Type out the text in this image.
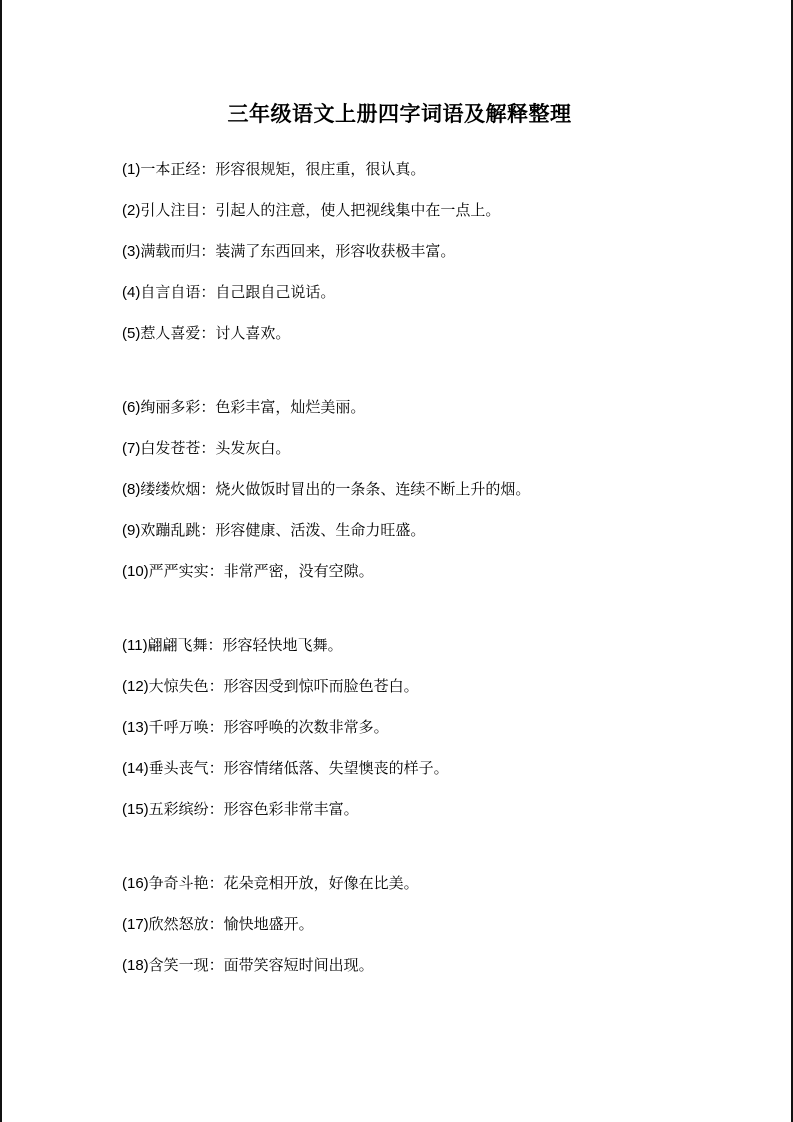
三年级语文上册四字词语及解释整理
(1)一本正经：形容很规矩，很庄重，很认真。
(2)引人注目：引起人的注意，使人把视线集中在一点上。
(3)满载而归：装满了东西回来，形容收获极丰富。
(4)自言自语：自己跟自己说话。
(5)惹人喜爱：讨人喜欢。
(6)绚丽多彩：色彩丰富，灿烂美丽。
(7)白发苍苍：头发灰白。
(8)缕缕炊烟：烧火做饭时冒出的一条条、连续不断上升的烟。
(9)欢蹦乱跳：形容健康、活泼、生命力旺盛。
(10)严严实实：非常严密，没有空隙。
(11)翩翩飞舞：形容轻快地飞舞。
(12)大惊失色：形容因受到惊吓而脸色苍白。
(13)千呼万唤：形容呼唤的次数非常多。
(14)垂头丧气：形容情绪低落、失望懊丧的样子。
(15)五彩缤纷：形容色彩非常丰富。
(16)争奇斗艳：花朵竞相开放，好像在比美。
(17)欣然怒放：愉快地盛开。
(18)含笑一现：面带笑容短时间出现。
